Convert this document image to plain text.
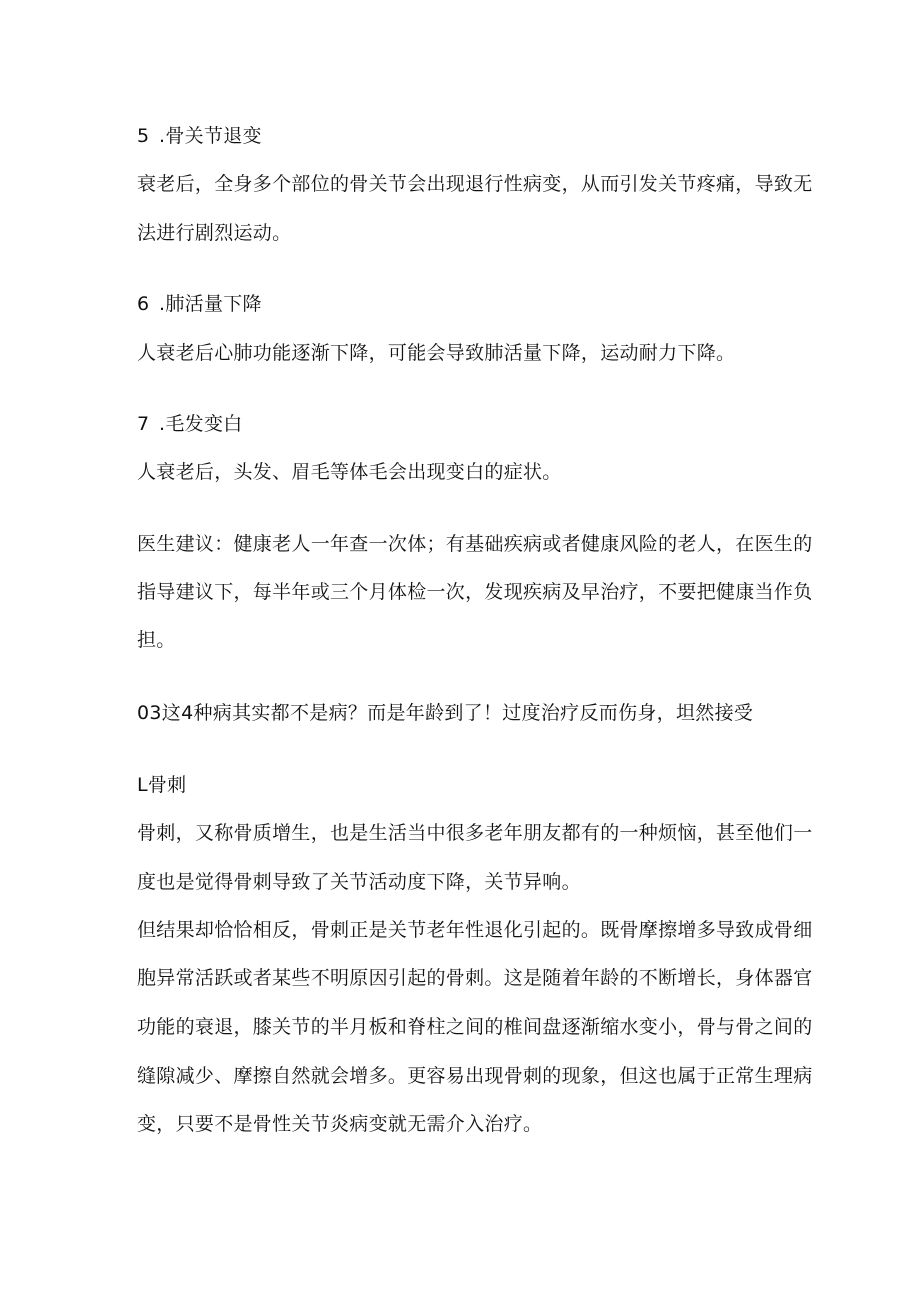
5 .骨关节退变
衰老后，全身多个部位的骨关节会出现退行性病变，从而引发关节疼痛，导致无
法进行剧烈运动。
6 .肺活量下降
人衰老后心肺功能逐渐下降，可能会导致肺活量下降，运动耐力下降。
7 .毛发变白
人衰老后，头发、眉毛等体毛会出现变白的症状。
医生建议：健康老人一年查一次体；有基础疾病或者健康风险的老人，在医生的
指导建议下，每半年或三个月体检一次，发现疾病及早治疗，不要把健康当作负
担。
03这4种病其实都不是病？而是年龄到了！过度治疗反而伤身，坦然接受
L骨刺
骨刺，又称骨质增生，也是生活当中很多老年朋友都有的一种烦恼，甚至他们一
度也是觉得骨刺导致了关节活动度下降，关节异响。
但结果却恰恰相反，骨刺正是关节老年性退化引起的。既骨摩擦增多导致成骨细
胞异常活跃或者某些不明原因引起的骨刺。这是随着年龄的不断增长，身体器官
功能的衰退，膝关节的半月板和脊柱之间的椎间盘逐渐缩水变小，骨与骨之间的
缝隙减少、摩擦自然就会增多。更容易出现骨刺的现象，但这也属于正常生理病
变，只要不是骨性关节炎病变就无需介入治疗。
